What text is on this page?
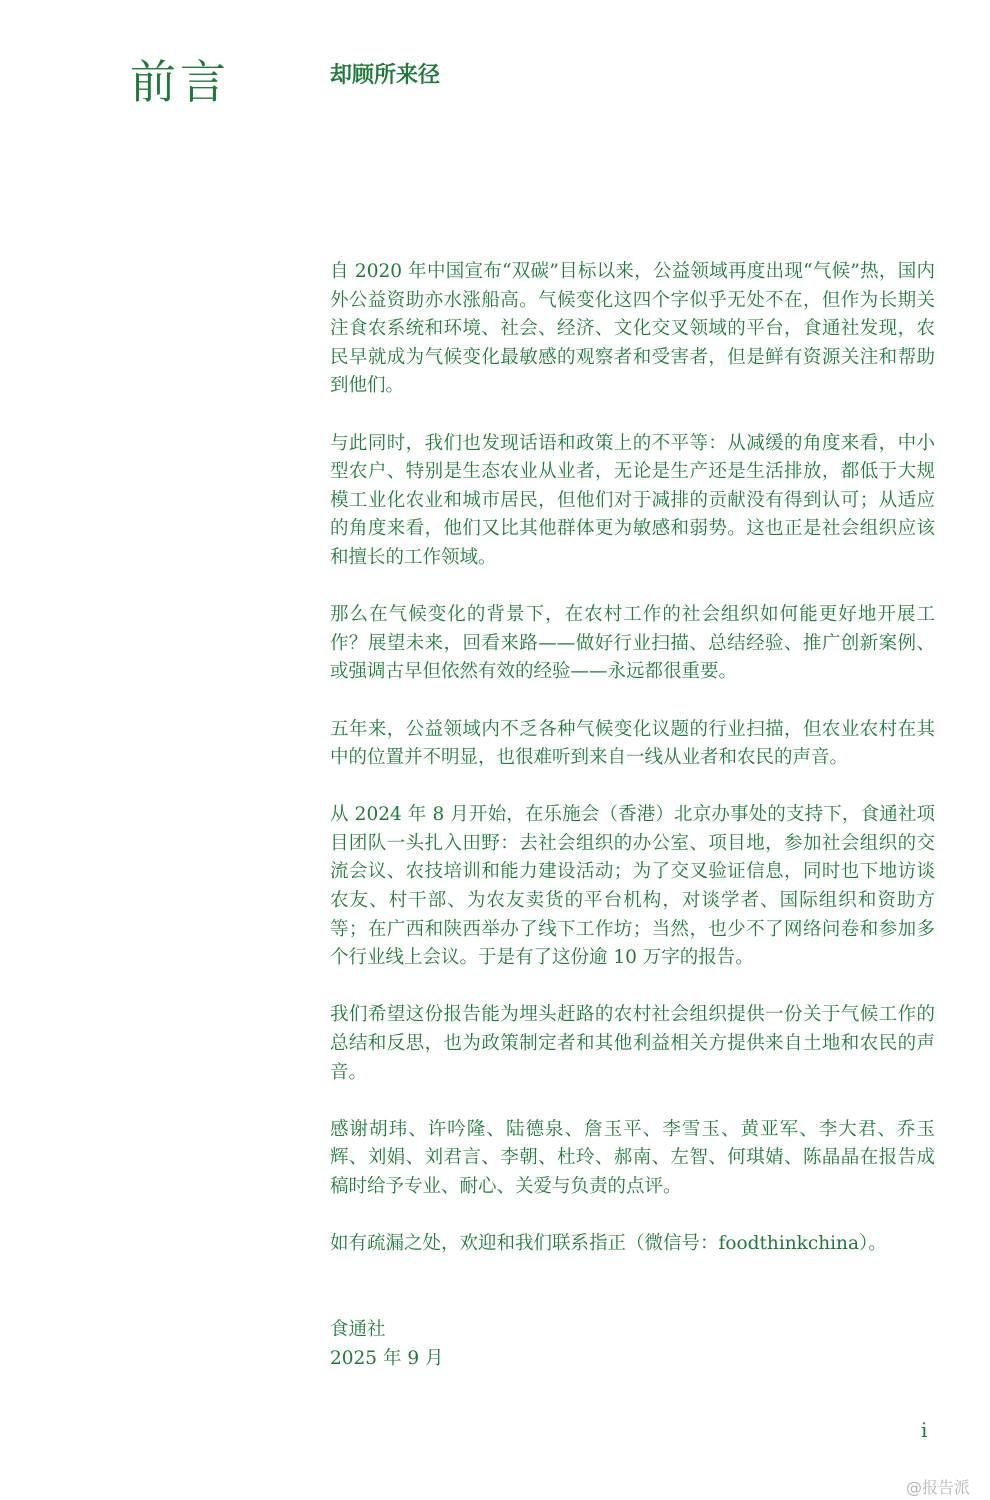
前言	却顾所来径

自 2020 年中国宣布“双碳”目标以来，公益领域再度出现“气候”热，国内外公益资助亦水涨船高。气候变化这四个字似乎无处不在，但作为长期关注食农系统和环境、社会、经济、文化交叉领域的平台，食通社发现，农民早就成为气候变化最敏感的观察者和受害者，但是鲜有资源关注和帮助到他们。

与此同时，我们也发现话语和政策上的不平等：从减缓的角度来看，中小型农户、特别是生态农业从业者，无论是生产还是生活排放，都低于大规模工业化农业和城市居民，但他们对于减排的贡献没有得到认可；从适应的角度来看，他们又比其他群体更为敏感和弱势。这也正是社会组织应该和擅长的工作领域。

那么在气候变化的背景下，在农村工作的社会组织如何能更好地开展工作？展望未来，回看来路——做好行业扫描、总结经验、推广创新案例、或强调古早但依然有效的经验——永远都很重要。

五年来，公益领域内不乏各种气候变化议题的行业扫描，但农业农村在其中的位置并不明显，也很难听到来自一线从业者和农民的声音。

从 2024 年 8 月开始，在乐施会（香港）北京办事处的支持下，食通社项目团队一头扎入田野：去社会组织的办公室、项目地，参加社会组织的交流会议、农技培训和能力建设活动；为了交叉验证信息，同时也下地访谈农友、村干部、为农友卖货的平台机构，对谈学者、国际组织和资助方等；在广西和陕西举办了线下工作坊；当然，也少不了网络问卷和参加多个行业线上会议。于是有了这份逾 10 万字的报告。

我们希望这份报告能为埋头赶路的农村社会组织提供一份关于气候工作的总结和反思，也为政策制定者和其他利益相关方提供来自土地和农民的声音。

感谢胡玮、许吟隆、陆德泉、詹玉平、李雪玉、黄亚军、李大君、乔玉辉、刘娟、刘君言、李朝、杜玲、郝南、左智、何琪婧、陈晶晶在报告成稿时给予专业、耐心、关爱与负责的点评。

如有疏漏之处，欢迎和我们联系指正（微信号：foodthinkchina）。

食通社
2025 年 9 月
i
@报告派
